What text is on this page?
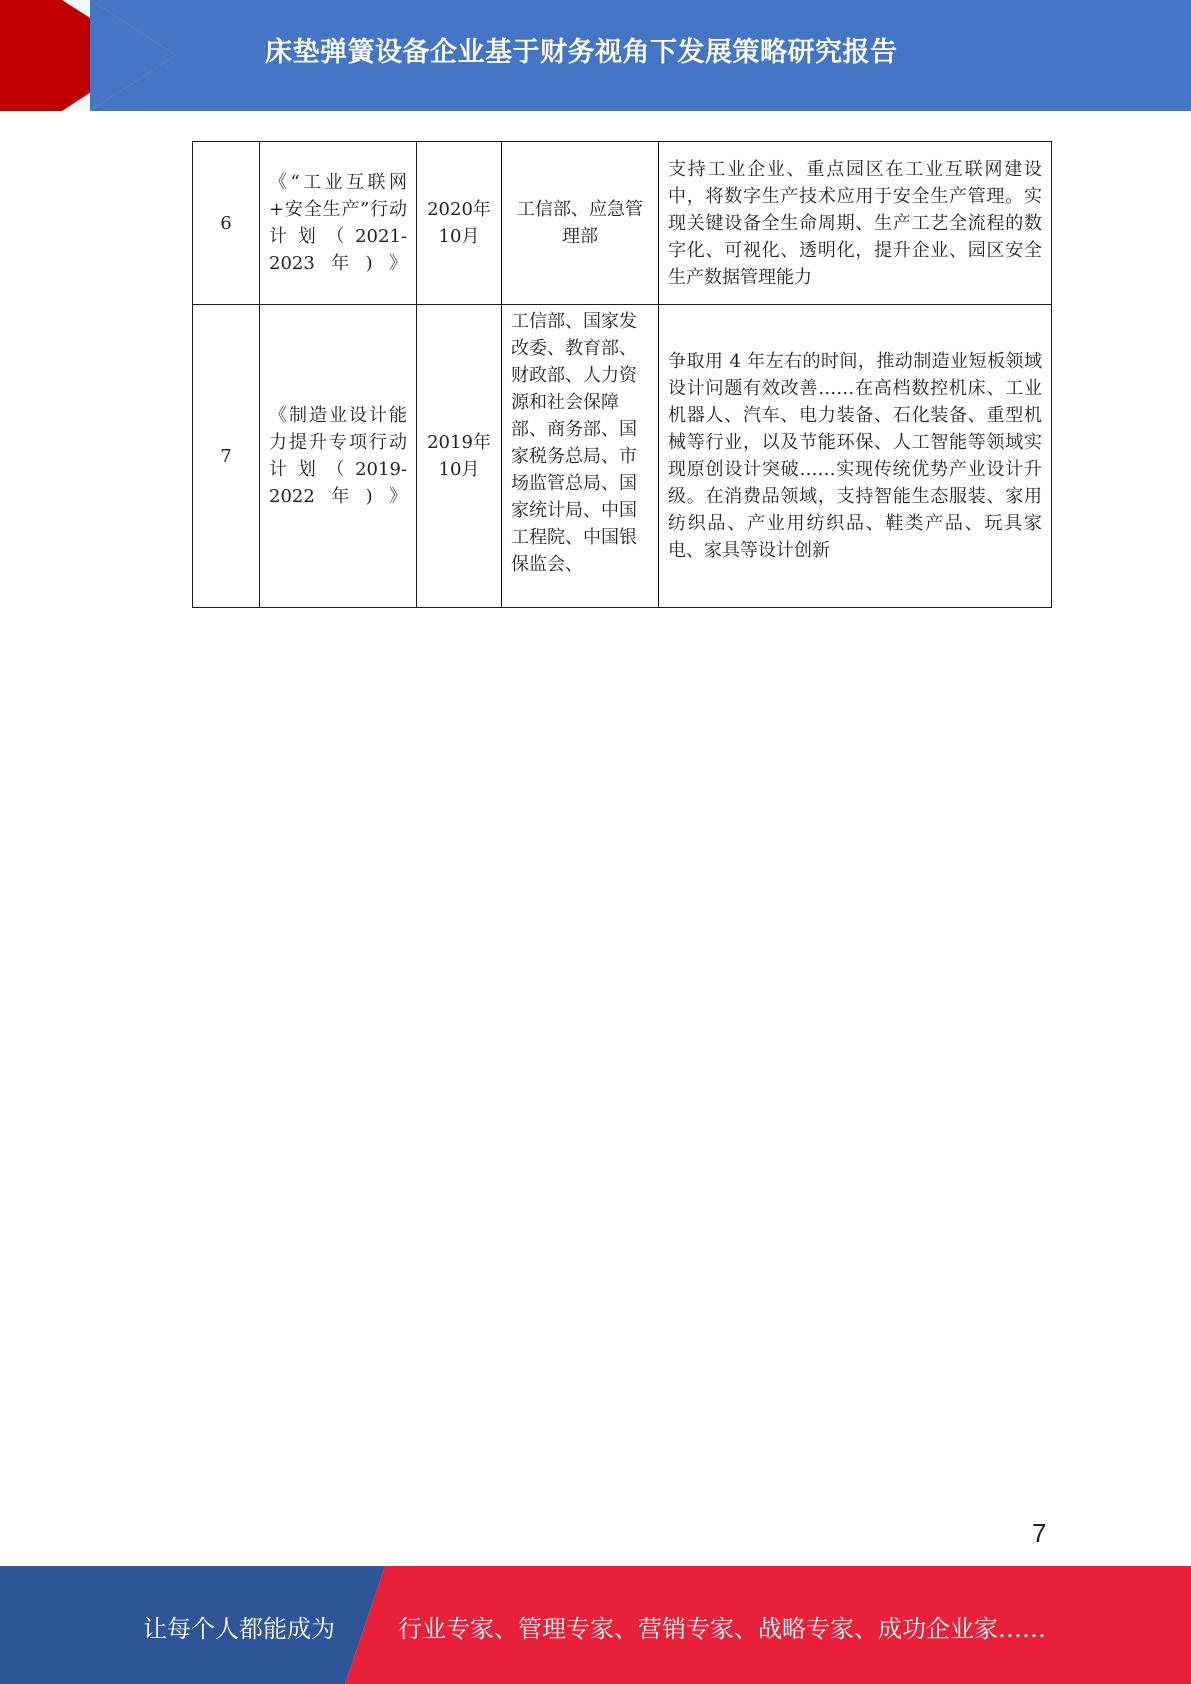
床垫弹簧设备企业基于财务视角下发展策略研究报告
6	《“工业互联网+安全生产”行动计划（2021-2023年)》	2020年10月	工信部、应急管理部	支持工业企业、重点园区在工业互联网建设中，将数字生产技术应用于安全生产管理。实现关键设备全生命周期、生产工艺全流程的数字化、可视化、透明化，提升企业、园区安全生产数据管理能力
7	《制造业设计能力提升专项行动计划（2019-2022年)》	2019年10月	工信部、国家发改委、教育部、财政部、人力资源和社会保障部、商务部、国家税务总局、市场监管总局、国家统计局、中国工程院、中国银保监会、	争取用 4 年左右的时间，推动制造业短板领域设计问题有效改善……在高档数控机床、工业机器人、汽车、电力装备、石化装备、重型机械等行业，以及节能环保、人工智能等领域实现原创设计突破……实现传统优势产业设计升级。在消费品领域，支持智能生态服装、家用纺织品、产业用纺织品、鞋类产品、玩具家电、家具等设计创新
7
让每个人都能成为	行业专家、管理专家、营销专家、战略专家、成功企业家……
